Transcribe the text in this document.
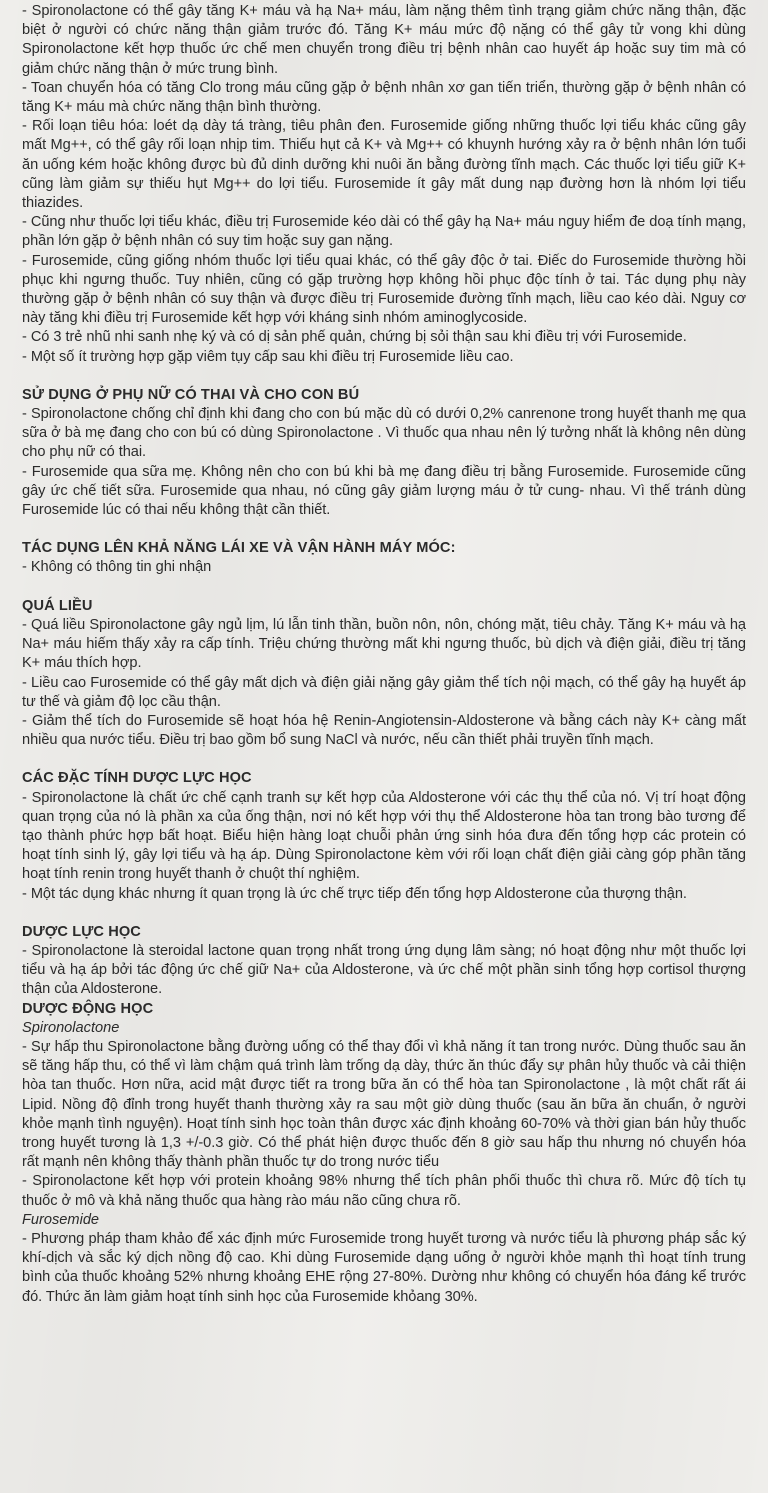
- Spironolactone có thể gây tăng K+ máu và hạ Na+ máu, làm nặng thêm tình trạng giảm chức năng thận, đặc biệt ở người có chức năng thận giảm trước đó. Tăng K+ máu mức độ nặng có thể gây tử vong khi dùng Spironolactone kết hợp thuốc ức chế men chuyển trong điều trị bệnh nhân cao huyết áp hoặc suy tim mà có giảm chức năng thận ở mức trung bình.

- Toan chuyển hóa có tăng Clo trong máu cũng gặp ở bệnh nhân xơ gan tiến triển, thường gặp ở bệnh nhân có tăng K+ máu mà chức năng thận bình thường.

- Rối loạn tiêu hóa: loét dạ dày tá tràng, tiêu phân đen. Furosemide giống những thuốc lợi tiểu khác cũng gây mất Mg++, có thể gây rối loạn nhịp tim. Thiếu hụt cả K+ và Mg++ có khuynh hướng xảy ra ở bệnh nhân lớn tuổi ăn uống kém hoặc không được bù đủ dinh dưỡng khi nuôi ăn bằng đường tĩnh mạch. Các thuốc lợi tiểu giữ K+ cũng làm giảm sự thiếu hụt Mg++ do lợi tiểu. Furosemide ít gây mất dung nạp đường hơn là nhóm lợi tiểu thiazides.

- Cũng như thuốc lợi tiểu khác, điều trị Furosemide kéo dài có thể gây hạ Na+ máu nguy hiểm đe doạ tính mạng, phần lớn gặp ở bệnh nhân có suy tim hoặc suy gan nặng.

- Furosemide, cũng giống nhóm thuốc lợi tiểu quai khác, có thể gây độc ở tai. Điếc do Furosemide thường hồi phục khi ngưng thuốc. Tuy nhiên, cũng có gặp trường hợp không hồi phục độc tính ở tai. Tác dụng phụ này thường gặp ở bệnh nhân có suy thận và được điều trị Furosemide đường tĩnh mạch, liều cao kéo dài. Nguy cơ này tăng khi điều trị Furosemide kết hợp với kháng sinh nhóm aminoglycoside.

- Có 3 trẻ nhũ nhi sanh nhẹ ký và có dị sản phế quản, chứng bị sỏi thận sau khi điều trị với Furosemide.

- Một số ít trường hợp gặp viêm tụy cấp sau khi điều trị Furosemide liều cao.

SỬ DỤNG Ở PHỤ NỮ CÓ THAI VÀ CHO CON BÚ

- Spironolactone chống chỉ định khi đang cho con bú mặc dù có dưới 0,2% canrenone trong huyết thanh mẹ qua sữa ở bà mẹ đang cho con bú có dùng Spironolactone . Vì thuốc qua nhau nên lý tưởng nhất là không nên dùng cho phụ nữ có thai.

- Furosemide qua sữa mẹ. Không nên cho con bú khi bà mẹ đang điều trị bằng Furosemide. Furosemide cũng gây ức chế tiết sữa. Furosemide qua nhau, nó cũng gây giảm lượng máu ở tử cung- nhau. Vì thế tránh dùng Furosemide lúc có thai nếu không thật cần thiết.

TÁC DỤNG LÊN KHẢ NĂNG LÁI XE VÀ VẬN HÀNH MÁY MÓC:

- Không có thông tin ghi nhận

QUÁ LIỀU

- Quá liều Spironolactone gây ngủ lịm, lú lẫn tinh thần, buồn nôn, nôn, chóng mặt, tiêu chảy. Tăng K+ máu và hạ Na+ máu hiếm thấy xảy ra cấp tính. Triệu chứng thường mất khi ngưng thuốc, bù dịch và điện giải, điều trị tăng K+ máu thích hợp.

- Liều cao Furosemide có thể gây mất dịch và điện giải nặng gây giảm thể tích nội mạch, có thể gây hạ huyết áp tư thế và giảm độ lọc cầu thận.

- Giảm thể tích do Furosemide sẽ hoạt hóa hệ Renin-Angiotensin-Aldosterone và bằng cách này K+ càng mất nhiều qua nước tiểu. Điều trị bao gồm bổ sung NaCl và nước, nếu cần thiết phải truyền tĩnh mạch.

CÁC ĐẶC TÍNH DƯỢC LỰC HỌC

- Spironolactone là chất ức chế cạnh tranh sự kết hợp của Aldosterone với các thụ thể của nó. Vị trí hoạt động quan trọng của nó là phần xa của ống thận, nơi nó kết hợp với thụ thể Aldosterone hòa tan trong bào tương để tạo thành phức hợp bất hoạt. Biểu hiện hàng loạt chuỗi phản ứng sinh hóa đưa đến tổng hợp các protein có hoạt tính sinh lý, gây lợi tiểu và hạ áp. Dùng Spironolactone kèm với rối loạn chất điện giải càng góp phần tăng hoạt tính renin trong huyết thanh ở chuột thí nghiệm.

- Một tác dụng khác nhưng ít quan trọng là ức chế trực tiếp đến tổng hợp Aldosterone của thượng thận.

DƯỢC LỰC HỌC

- Spironolactone là steroidal lactone quan trọng nhất trong ứng dụng lâm sàng; nó hoạt động như một thuốc lợi tiểu và hạ áp bởi tác động ức chế giữ Na+ của Aldosterone, và ức chế một phần sinh tổng hợp cortisol thượng thận của Aldosterone.

DƯỢC ĐỘNG HỌC

Spironolactone

- Sự hấp thu Spironolactone bằng đường uống có thể thay đổi vì khả năng ít tan trong nước. Dùng thuốc sau ăn sẽ tăng hấp thu, có thể vì làm chậm quá trình làm trống dạ dày, thức ăn thúc đẩy sự phân hủy thuốc và cải thiện hòa tan thuốc. Hơn nữa, acid mật được tiết ra trong bữa ăn có thể hòa tan Spironolactone , là một chất rất ái Lipid. Nồng độ đỉnh trong huyết thanh thường xảy ra sau một giờ dùng thuốc (sau ăn bữa ăn chuẩn, ở người khỏe mạnh tình nguyện). Hoạt tính sinh học toàn thân được xác định khoảng 60-70% và thời gian bán hủy thuốc trong huyết tương là 1,3 +/-0.3 giờ. Có thể phát hiện được thuốc đến 8 giờ sau hấp thu nhưng nó chuyển hóa rất mạnh nên không thấy thành phần thuốc tự do trong nước tiểu

- Spironolactone kết hợp với protein khoảng 98% nhưng thể tích phân phối thuốc thì chưa rõ. Mức độ tích tụ thuốc ở mô và khả năng thuốc qua hàng rào máu não cũng chưa rõ.

Furosemide

- Phương pháp tham khảo để xác định mức Furosemide trong huyết tương và nước tiểu là phương pháp sắc ký khí-dịch và sắc ký dịch nồng độ cao. Khi dùng Furosemide dạng uống ở người khỏe mạnh thì hoạt tính trung bình của thuốc khoảng 52% nhưng khoảng EHE rộng 27-80%. Dường như không có chuyển hóa đáng kể trước đó. Thức ăn làm giảm hoạt tính sinh học của Furosemide khỏang 30%.
